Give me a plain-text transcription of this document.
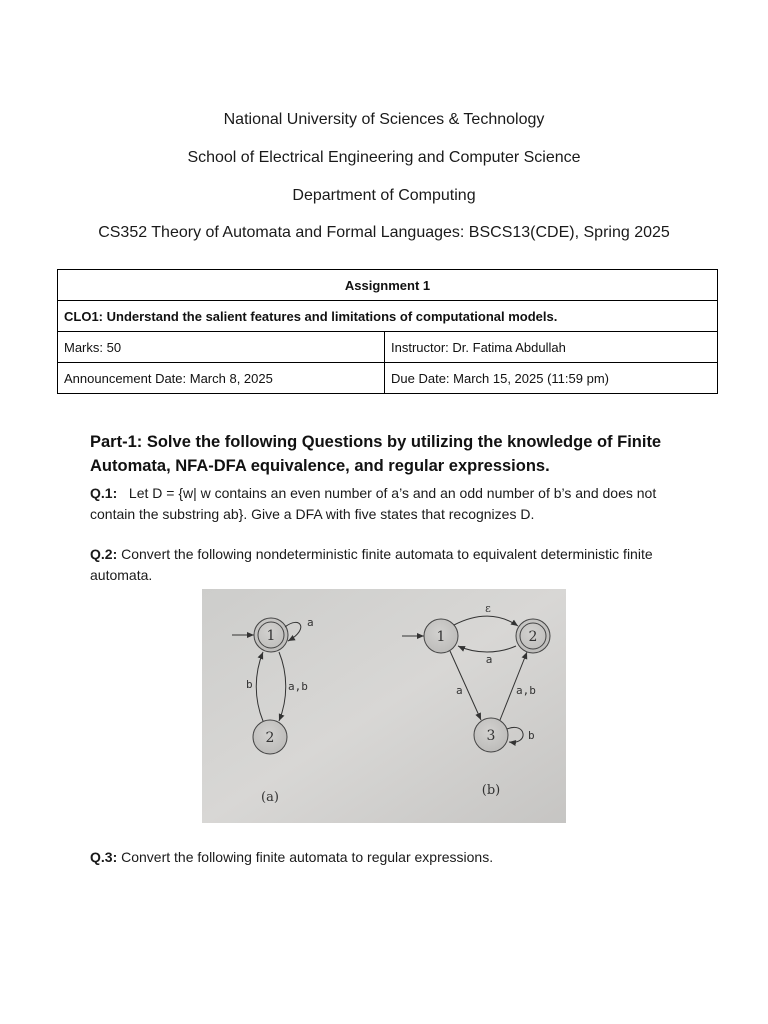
National University of Sciences & Technology
School of Electrical Engineering and Computer Science
Department of Computing
CS352 Theory of Automata and Formal Languages: BSCS13(CDE), Spring 2025
Assignment 1	
CLO1: Understand the salient features and limitations of computational models.	
Marks: 50	Instructor: Dr. Fatima Abdullah
Announcement Date: March 8, 2025	Due Date: March 15, 2025 (11:59 pm)
Part-1: Solve the following Questions by utilizing the knowledge of Finite Automata, NFA-DFA equivalence, and regular expressions.
Q.1: Let D = {w| w contains an even number of a’s and an odd number of b’s and does not contain the substring ab}. Give a DFA with five states that recognizes D.
Q.2: Convert the following nondeterministic finite automata to equivalent deterministic finite automata.
1
a
2
b	a,b
(a)
1	2
3
ε
a
a	a,b
b
(b)
Q.3: Convert the following finite automata to regular expressions.
